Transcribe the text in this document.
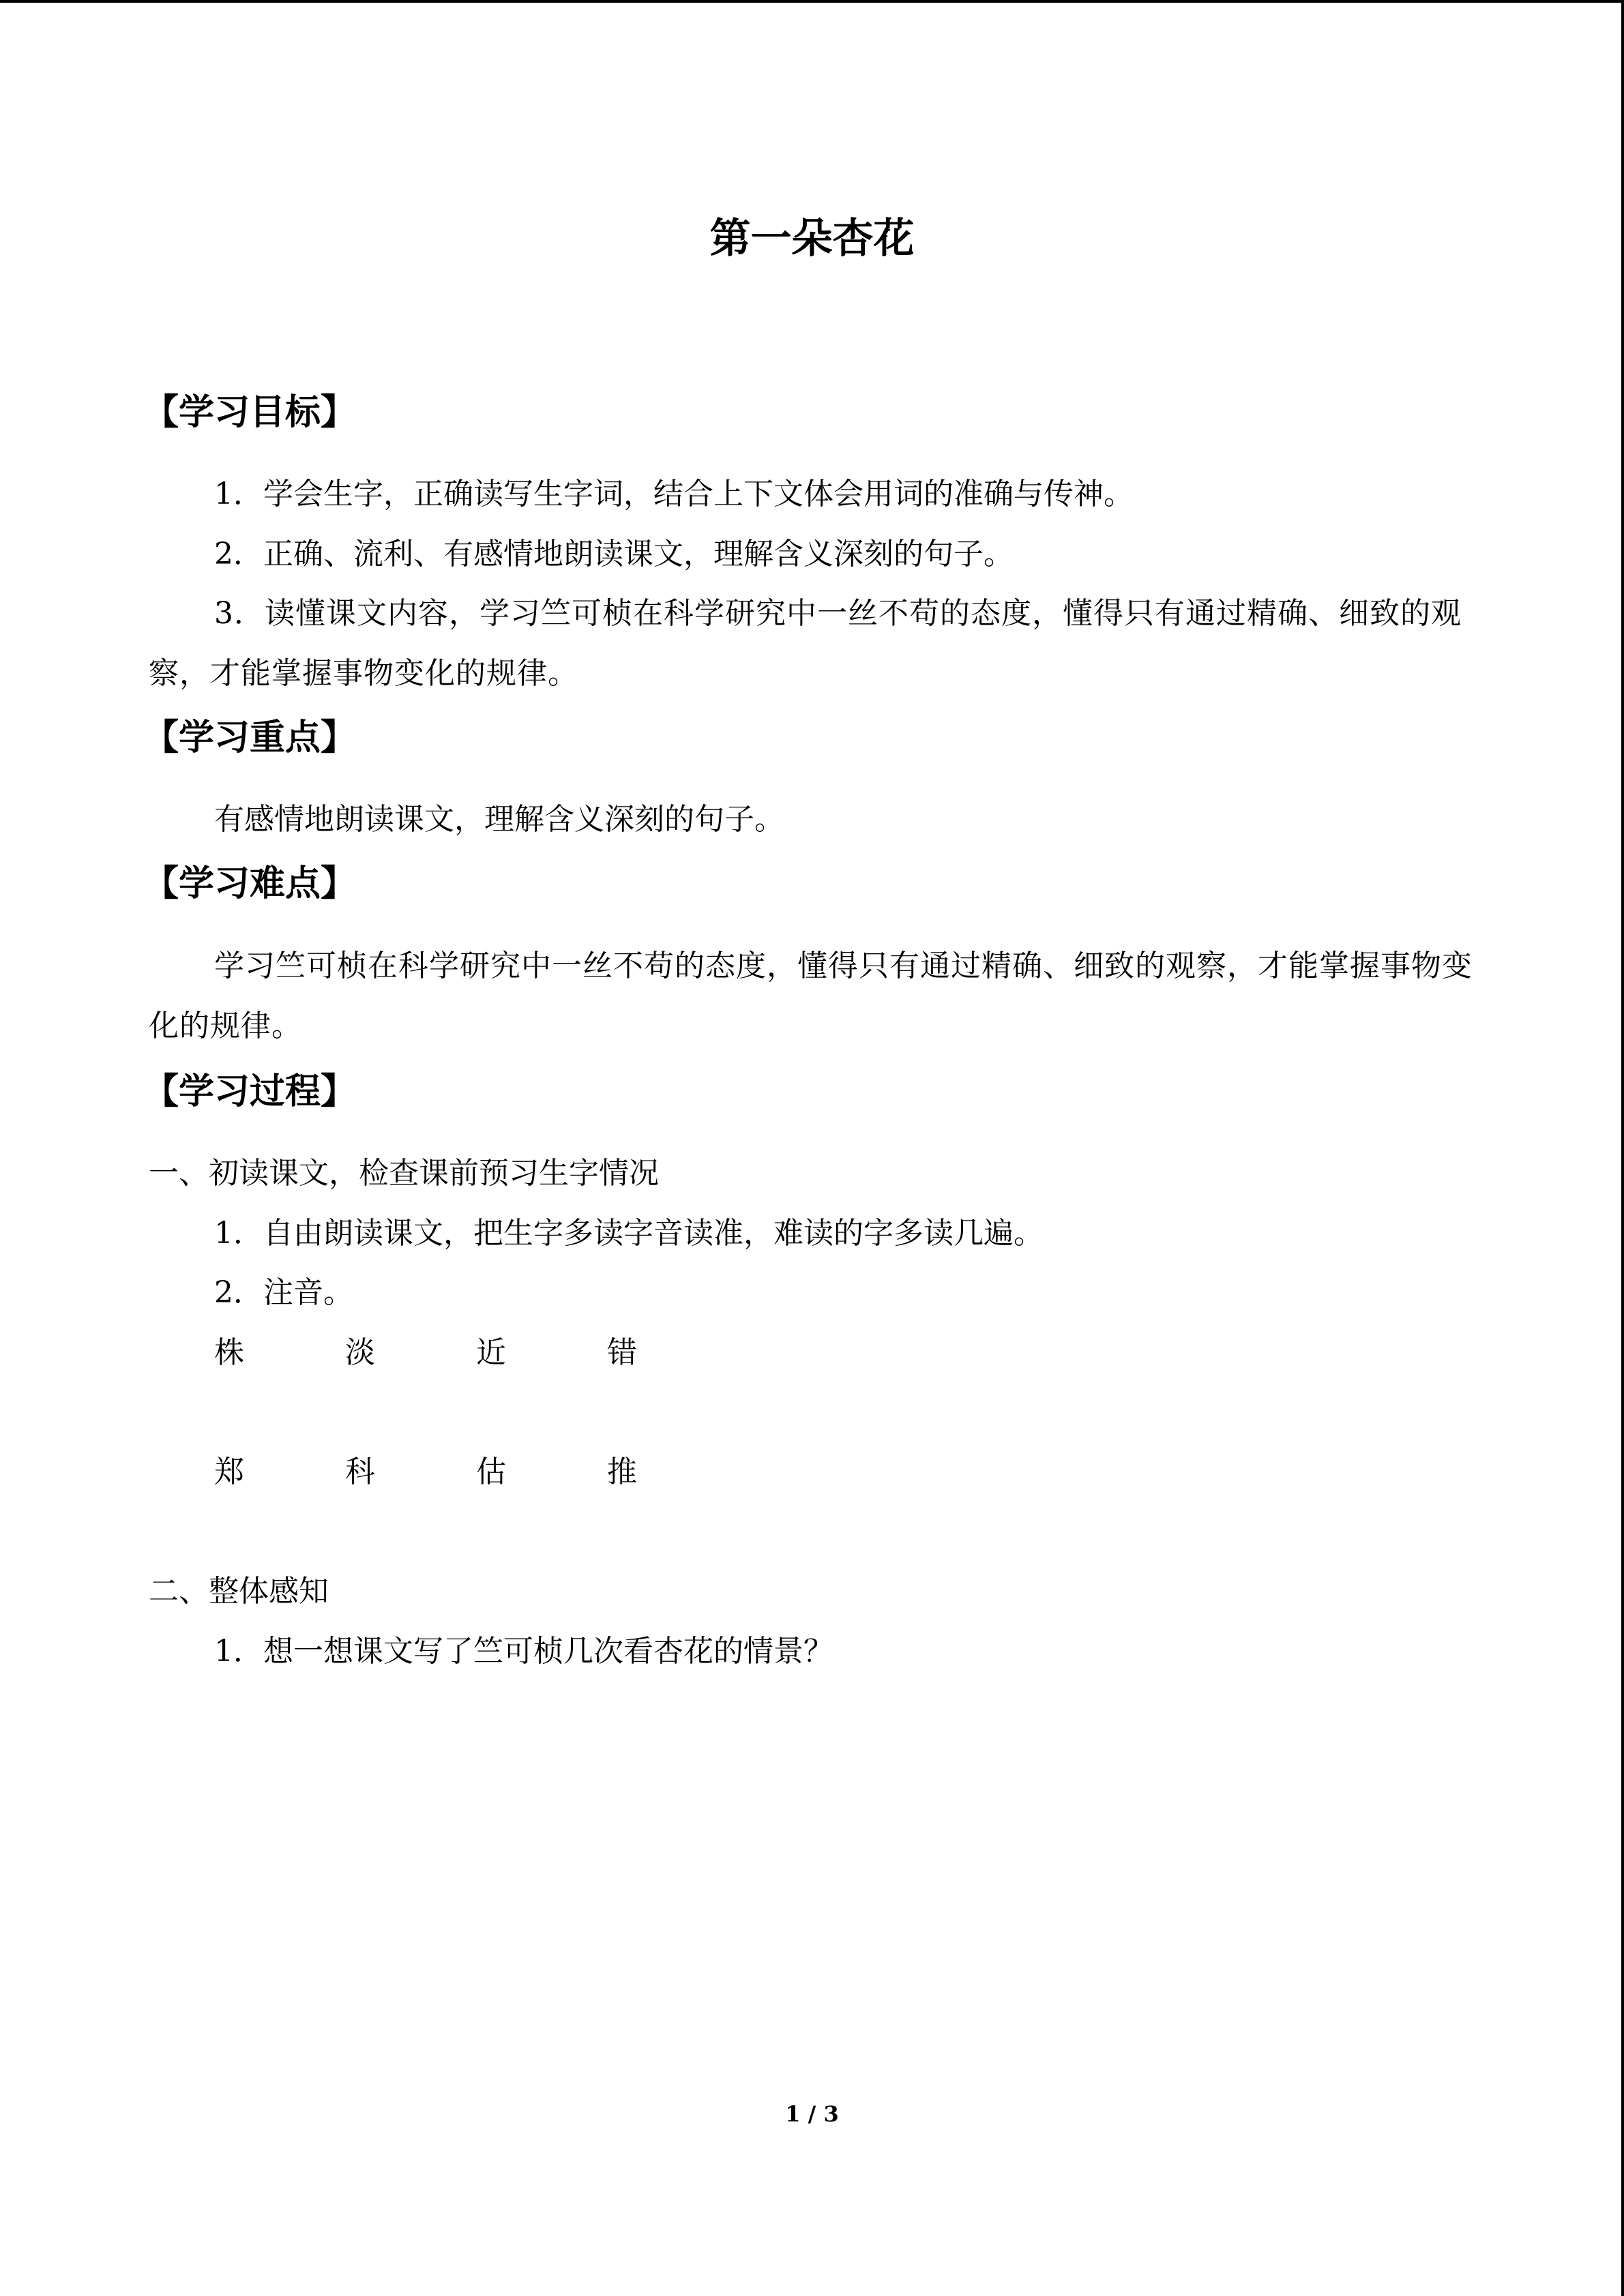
第一朵杏花
【学习目标】
1．学会生字，正确读写生字词，结合上下文体会用词的准确与传神。
2．正确、流利、有感情地朗读课文，理解含义深刻的句子。
3．读懂课文内容，学习竺可桢在科学研究中一丝不苟的态度，懂得只有通过精确、细致的观察，才能掌握事物变化的规律。
【学习重点】
有感情地朗读课文，理解含义深刻的句子。
【学习难点】
学习竺可桢在科学研究中一丝不苟的态度，懂得只有通过精确、细致的观察，才能掌握事物变化的规律。
【学习过程】
一、初读课文，检查课前预习生字情况
1．自由朗读课文，把生字多读字音读准，难读的字多读几遍。
2．注音。
株	淡	近	错
郑	科	估	推
二、整体感知
1．想一想课文写了竺可桢几次看杏花的情景？
1 / 3
